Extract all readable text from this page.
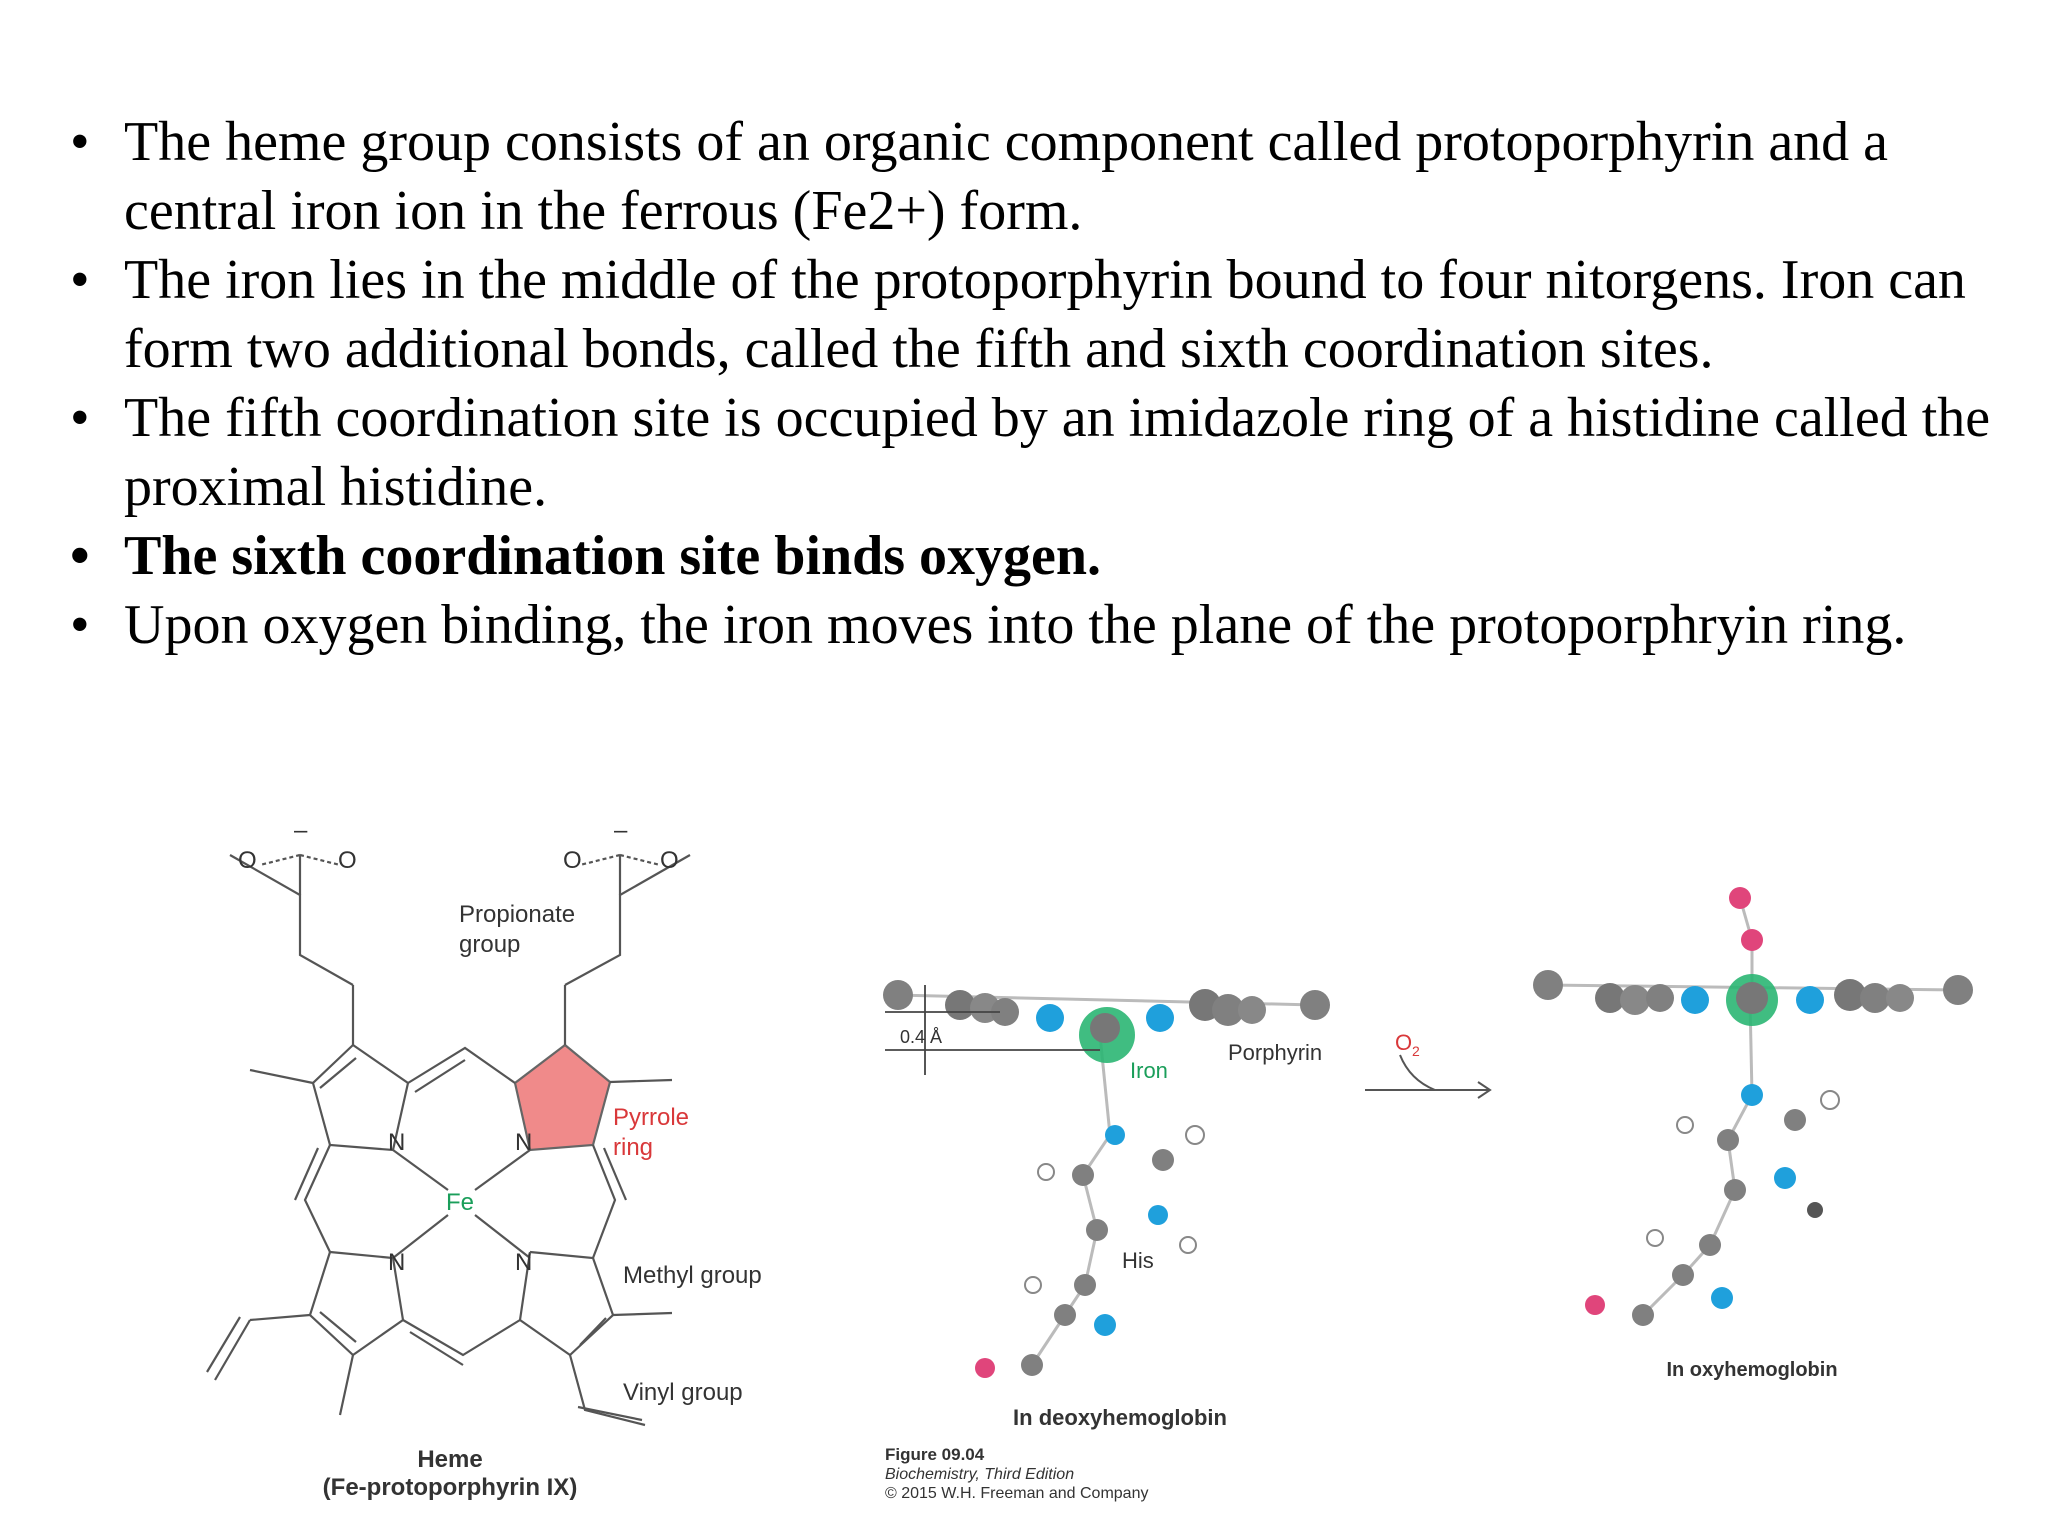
• The heme group consists of an organic component called protoporphyrin and a central iron ion in the ferrous (Fe2+) form.
• The iron lies in the middle of the protoporphyrin bound to four nitorgens. Iron can form two additional bonds, called the fifth and sixth coordination sites.
• The fifth coordination site is occupied by an imidazole ring of a histidine called the proximal histidine.
• The sixth coordination site binds oxygen.
• Upon oxygen binding, the iron moves into the plane of the protoporphryin ring.
O	O
–
O	O
–
N	N
N	N
Fe
Propionate
group
Pyrrole
ring
Methyl group
Vinyl group
Heme
(Fe-protoporphyrin IX)
0.4 Å
Iron
Porphyrin
His
In deoxyhemoglobin
O 2
In oxyhemoglobin
Figure 09.04
Biochemistry, Third Edition
© 2015 W.H. Freeman and Company
